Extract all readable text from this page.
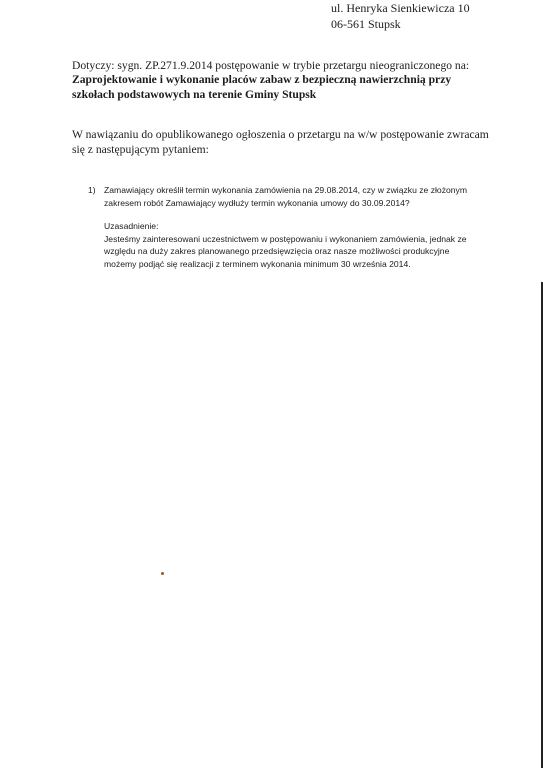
ul. Henryka Sienkiewicza 10
06-561 Stupsk
Dotyczy: sygn. ZP.271.9.2014 postępowanie w trybie przetargu nieograniczonego na:
Zaprojektowanie i wykonanie placów zabaw z bezpieczną nawierzchnią przy szkołach podstawowych na terenie Gminy Stupsk
W nawiązaniu do opublikowanego ogłoszenia o przetargu na w/w postępowanie zwracam się z następującym pytaniem:
1) Zamawiający określił termin wykonania zamówienia na 29.08.2014, czy w związku ze złożonym zakresem robót Zamawiający wydłuży termin wykonania umowy do 30.09.2014?
Uzasadnienie:
Jesteśmy zainteresowani uczestnictwem w postępowaniu i wykonaniem zamówienia, jednak ze względu na duży zakres planowanego przedsięwzięcia oraz nasze możliwości produkcyjne możemy podjąć się realizacji z terminem wykonania minimum 30 września 2014.
